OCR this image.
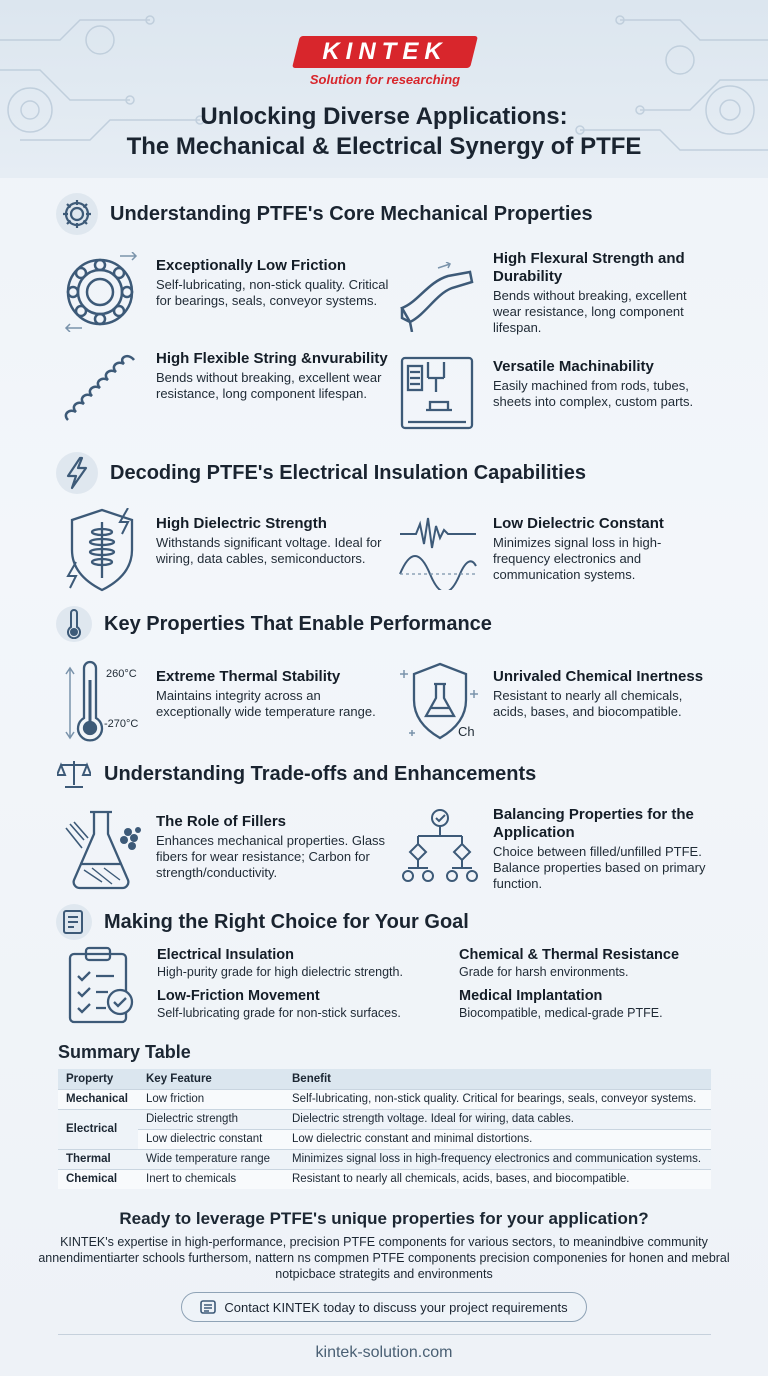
KINTEK
Solution for researching
Unlocking Diverse Applications:
The Mechanical & Electrical Synergy of PTFE
Understanding PTFE's Core Mechanical Properties
Exceptionally Low Friction

Self-lubricating, non-stick quality. Critical for bearings, seals, conveyor systems.

High Flexural Strength and Durability

Bends without breaking, excellent wear resistance, long component lifespan.

High Flexible String &nvurability

Bends without breaking, excellent wear resistance, long component lifespan.

Versatile Machinability

Easily machined from rods, tubes, sheets into complex, custom parts.

Decoding PTFE's Electrical Insulation Capabilities
High Dielectric Strength

Withstands significant voltage. Ideal for wiring, data cables, semiconductors.

Low Dielectric Constant

Minimizes signal loss in high-frequency electronics and communication systems.

Key Properties That Enable Performance
260°C
-270°C
Extreme Thermal Stability

Maintains integrity across an exceptionally wide temperature range.

Ch
Unrivaled Chemical Inertness

Resistant to nearly all chemicals, acids, bases, and biocompatible.

Understanding Trade-offs and Enhancements
The Role of Fillers

Enhances mechanical properties. Glass fibers for wear resistance; Carbon for strength/conductivity.

Balancing Properties for the Application

Choice between filled/unfilled PTFE. Balance properties based on primary function.

Making the Right Choice for Your Goal
Electrical Insulation

High-purity grade for high dielectric strength.

Chemical & Thermal Resistance

Grade for harsh environments.

Low-Friction Movement

Self-lubricating grade for non-stick surfaces.

Medical Implantation

Biocompatible, medical-grade PTFE.

Summary Table
Property	Key Feature	Benefit
Mechanical	Low friction	Self-lubricating, non-stick quality. Critical for bearings, seals, conveyor systems.
Electrical	Dielectric strength	Dielectric strength voltage. Ideal for wiring, data cables.
	Low dielectric constant	Low dielectric constant and minimal distortions.
Thermal	Wide temperature range	Minimizes signal loss in high-frequency electronics and communication systems.
Chemical	Inert to chemicals	Resistant to nearly all chemicals, acids, bases, and biocompatible.
Ready to leverage PTFE's unique properties for your application?
KINTEK's expertise in high-performance, precision PTFE components for various sectors, to meanindbive community annendimentiarter schools furthersom, nattern ns compmen PTFE components precision componenies for honen and mebral notpicbace strategits and environments
Contact KINTEK today to discuss your project requirements
kintek-solution.com
